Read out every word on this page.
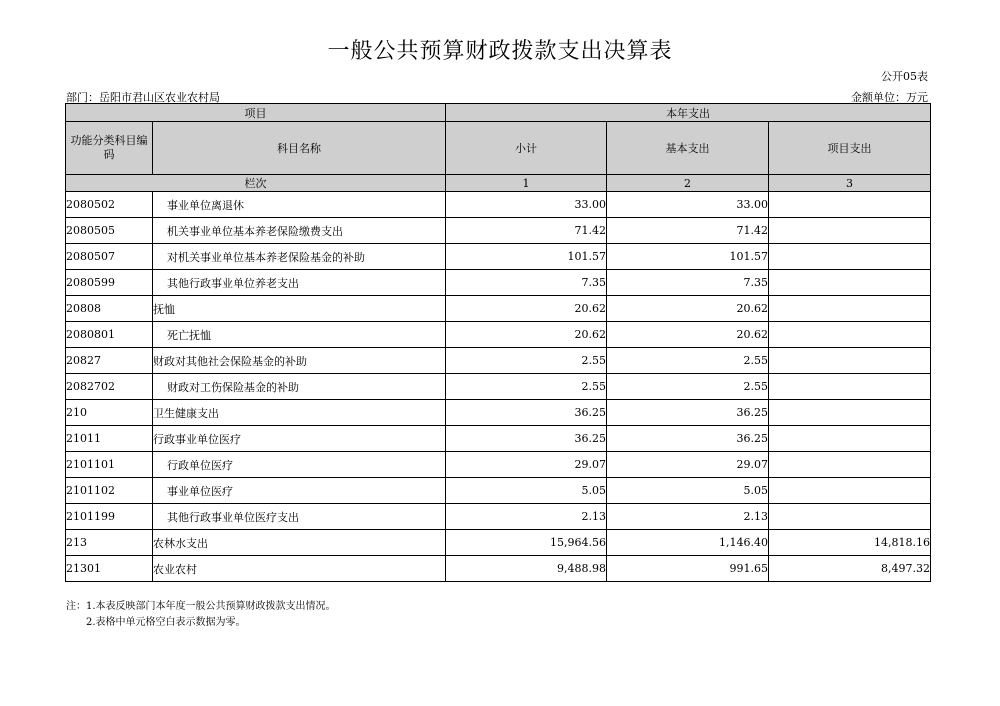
一般公共预算财政拨款支出决算表
公开05表
部门：岳阳市君山区农业农村局	金额单位：万元
项目		本年支出		
功能分类科目编码	科目名称	小计	基本支出	项目支出
栏次		1	2	3
2080502	事业单位离退休	33.00	33.00	
2080505	机关事业单位基本养老保险缴费支出	71.42	71.42	
2080507	对机关事业单位基本养老保险基金的补助	101.57	101.57	
2080599	其他行政事业单位养老支出	7.35	7.35	
20808	抚恤	20.62	20.62	
2080801	死亡抚恤	20.62	20.62	
20827	财政对其他社会保险基金的补助	2.55	2.55	
2082702	财政对工伤保险基金的补助	2.55	2.55	
210	卫生健康支出	36.25	36.25	
21011	行政事业单位医疗	36.25	36.25	
2101101	行政单位医疗	29.07	29.07	
2101102	事业单位医疗	5.05	5.05	
2101199	其他行政事业单位医疗支出	2.13	2.13	
213	农林水支出	15,964.56	1,146.40	14,818.16
21301	农业农村	9,488.98	991.65	8,497.32
注：1.本表反映部门本年度一般公共预算财政拨款支出情况。
2.表格中单元格空白表示数据为零。
